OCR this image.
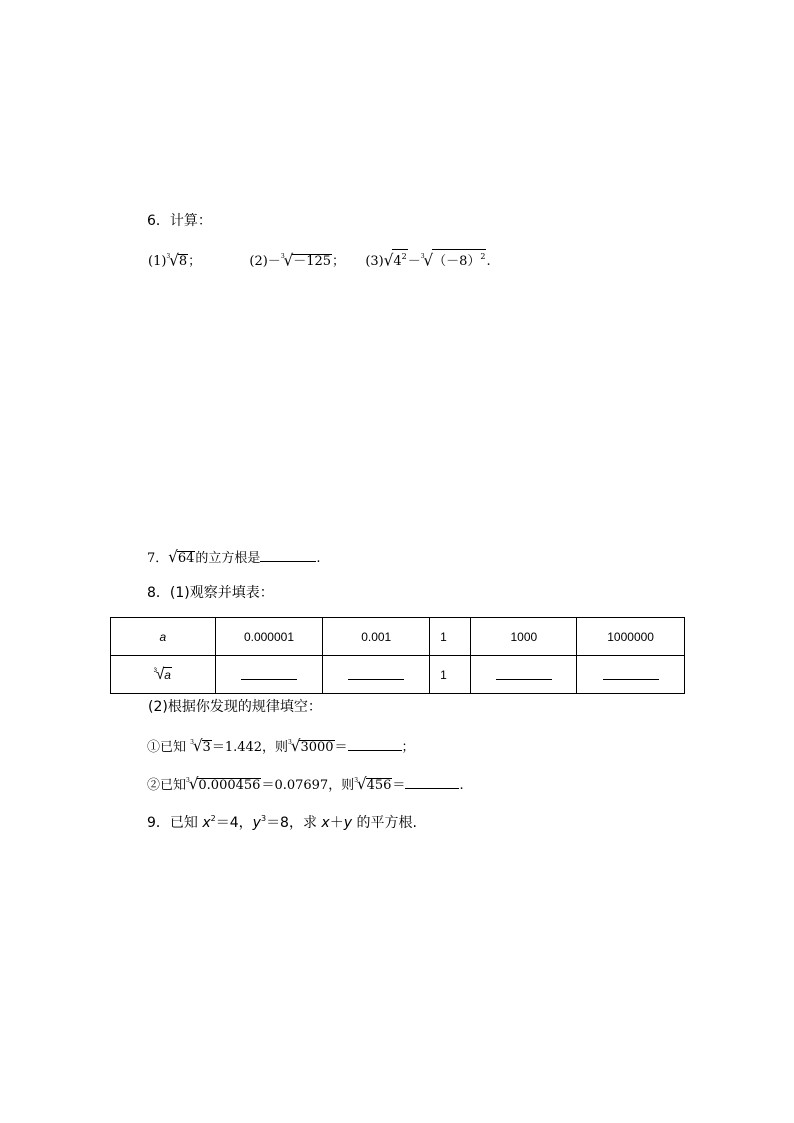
6．计算：
$(1)^3√8$；	(2)－$^3$√－125； $(3)√4^2-^3√(-8)^2$.
7．√64的立方根是	.
8．(1)观察并填表：
a	0.000001	0.001	1	1000	1000000
$^3$√a			1		
(2)根据你发现的规律填空：
①已知 $^3$√3＝1.442，则$^3$√3000＝	；
②已知$^3$√0.000456＝0.07697，则$^3$√456＝	.
9．已知 $x^2=4$，$y^3=8$，求 x＋y 的平方根.
